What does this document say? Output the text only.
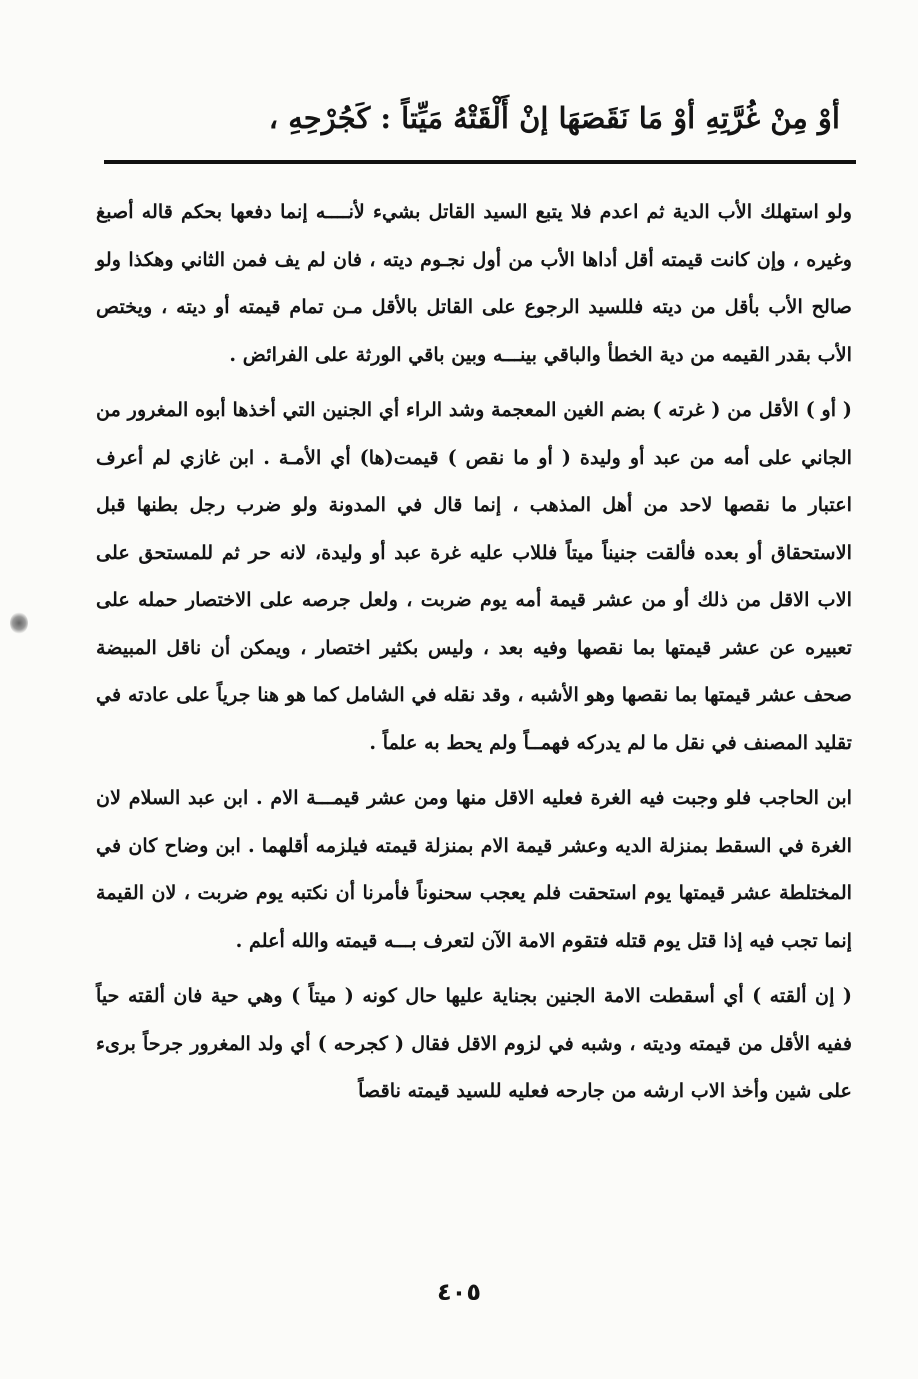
أوْ مِنْ غُرَّتِهِ أوْ مَا نَقَصَهَا إنْ أَلْقَتْهُ مَيِّتاً : كَجُرْحِهِ ،

ولو استهلك الأب الدية ثم اعدم فلا يتبع السيد القاتل بشيء لأنــــه إنما دفعها بحكم قاله أصبغ وغيره ، وإن كانت قيمته أقل أداها الأب من أول نجـوم ديته ، فان لم يف فمن الثاني وهكذا ولو صالح الأب بأقل من ديته فللسيد الرجوع على القاتل بالأقل مـن تمام قيمته أو ديته ، ويختص الأب بقدر القيمه من دية الخطأ والباقي بينـــه وبين باقي الورثة على الفرائض .

( أو ) الأقل من ( غرته ) بضم الغين المعجمة وشد الراء أي الجنين التي أخذها أبوه المغرور من الجاني على أمه من عبد أو وليدة ( أو ما نقص ) قيمت(ها) أي الأمـة . ابن غازي لم أعرف اعتبار ما نقصها لاحد من أهل المذهب ، إنما قال في المدونة ولو ضرب رجل بطنها قبل الاستحقاق أو بعده فألقت جنيناً ميتاً فللاب عليه غرة عبد أو وليدة، لانه حر ثم للمستحق على الاب الاقل من ذلك أو من عشر قيمة أمه يوم ضربت ، ولعل جرصه على الاختصار حمله على تعبيره عن عشر قيمتها بما نقصها وفيه بعد ، وليس بكثير اختصار ، ويمكن أن ناقل المبيضة صحف عشر قيمتها بما نقصها وهو الأشبه ، وقد نقله في الشامل كما هو هنا جرياً على عادته في تقليد المصنف في نقل ما لم يدركه فهمــاً ولم يحط به علماً .

ابن الحاجب فلو وجبت فيه الغرة فعليه الاقل منها ومن عشر قيمـــة الام . ابن عبد السلام لان الغرة في السقط بمنزلة الديه وعشر قيمة الام بمنزلة قيمته فيلزمه أقلهما . ابن وضاح كان في المختلطة عشر قيمتها يوم استحقت فلم يعجب سحنوناً فأمرنا أن نكتبه يوم ضربت ، لان القيمة إنما تجب فيه إذا قتل يوم قتله فتقوم الامة الآن لتعرف بـــه قيمته والله أعلم .

( إن ألقته ) أي أسقطت الامة الجنين بجناية عليها حال كونه ( ميتاً ) وهي حية فان ألقته حياً ففيه الأقل من قيمته وديته ، وشبه في لزوم الاقل فقال ( كجرحه ) أي ولد المغرور جرحاً برىء على شين وأخذ الاب ارشه من جارحه فعليه للسيد قيمته ناقصاً

٤٠٥
